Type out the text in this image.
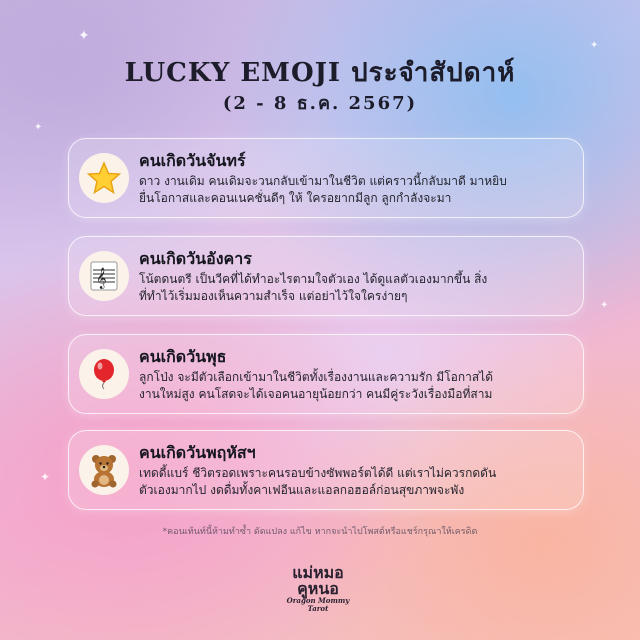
✦
✦
✦
✦
✦
LUCKY EMOJI ประจำสัปดาห์
(2 - 8 ธ.ค. 2567)
คนเกิดวันจันทร์
ดาว งานเดิม คนเดิมจะวนกลับเข้ามาในชีวิต แต่คราวนี้กลับมาดี มาหยิบ
ยื่นโอกาสและคอนเนคชั่นดีๆ ให้ ใครอยากมีลูก ลูกกำลังจะมา
𝄞
คนเกิดวันอังคาร
โน้ตดนตรี เป็นวีคที่ได้ทำอะไรตามใจตัวเอง ได้ดูแลตัวเองมากขึ้น สิ่ง
ที่ทำไว้เริ่มมองเห็นความสำเร็จ แต่อย่าไว้ใจใครง่ายๆ
คนเกิดวันพุธ
ลูกโป่ง จะมีตัวเลือกเข้ามาในชีวิตทั้งเรื่องงานและความรัก มีโอกาสได้
งานใหม่สูง คนโสดจะได้เจอคนอายุน้อยกว่า คนมีคู่ระวังเรื่องมือที่สาม
คนเกิดวันพฤหัสฯ
เทดดี้แบร์ ชีวิตรอดเพราะคนรอบข้างซัพพอร์ตได้ดี แต่เราไม่ควรกดดัน
ตัวเองมากไป งดดื่มทั้งคาเฟอีนและแอลกอฮอล์ก่อนสุขภาพจะพัง
*คอนเท้นท์นี้ห้ามทำซ้ำ ดัดแปลง แก้ไข หากจะนำไปโพสต์หรือแชร์กรุณาให้เครดิต
แม่หมอ
คูหนอ
Oragon Mommy Tarot
